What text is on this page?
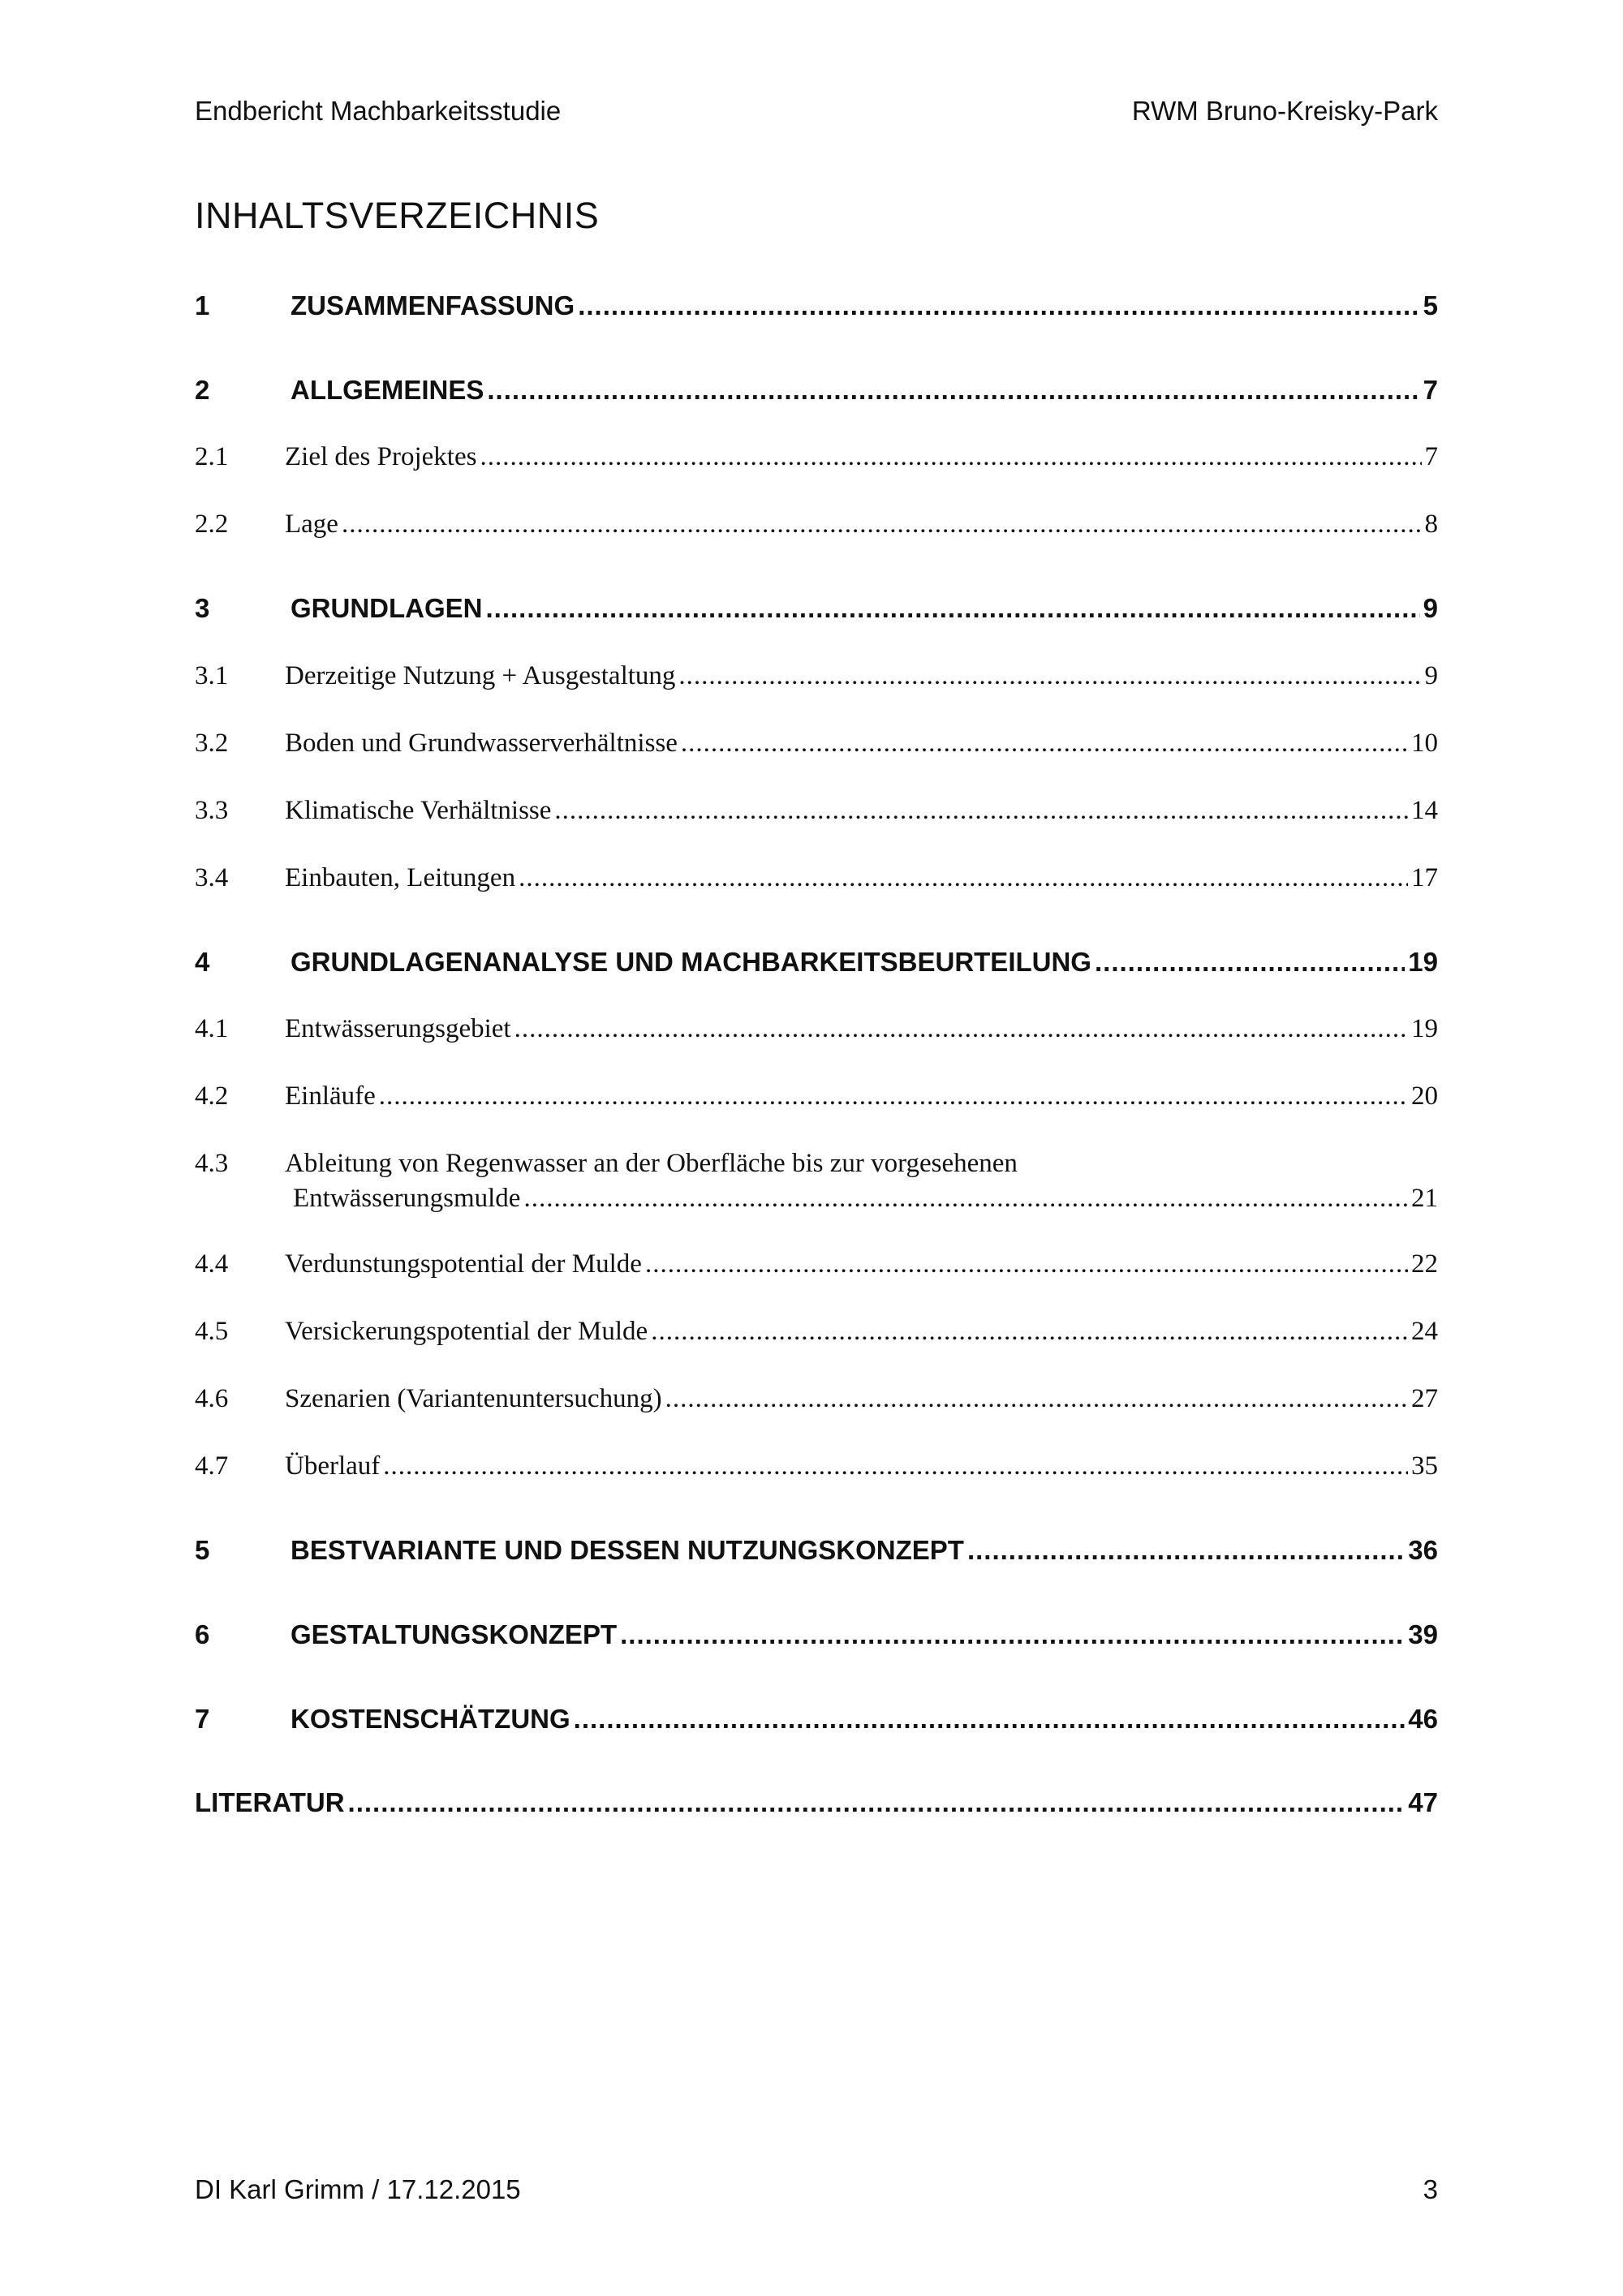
Endbericht Machbarkeitsstudie	RWM Bruno-Kreisky-Park
INHALTSVERZEICHNIS
1	ZUSAMMENFASSUNG .....	5
2	ALLGEMEINES .....	7
2.1	Ziel des Projektes .....	7
2.2	Lage .....	8
3	GRUNDLAGEN .....	9
3.1	Derzeitige Nutzung + Ausgestaltung .....	9
3.2	Boden und Grundwasserverhältnisse .....	10
3.3	Klimatische Verhältnisse .....	14
3.4	Einbauten, Leitungen .....	17
4	GRUNDLAGENANALYSE UND MACHBARKEITSBEURTEILUNG .....	19
4.1	Entwässerungsgebiet .....	19
4.2	Einläufe .....	20
4.3	Ableitung von Regenwasser an der Oberfläche bis zur vorgesehenen
Entwässerungsmulde .....	21
4.4	Verdunstungspotential der Mulde .....	22
4.5	Versickerungspotential der Mulde .....	24
4.6	Szenarien (Variantenuntersuchung) .....	27
4.7	Überlauf .....	35
5	BESTVARIANTE UND DESSEN NUTZUNGSKONZEPT .....	36
6	GESTALTUNGSKONZEPT .....	39
7	KOSTENSCHÄTZUNG .....	46
LITERATUR .....	47
DI Karl Grimm / 17.12.2015	3
